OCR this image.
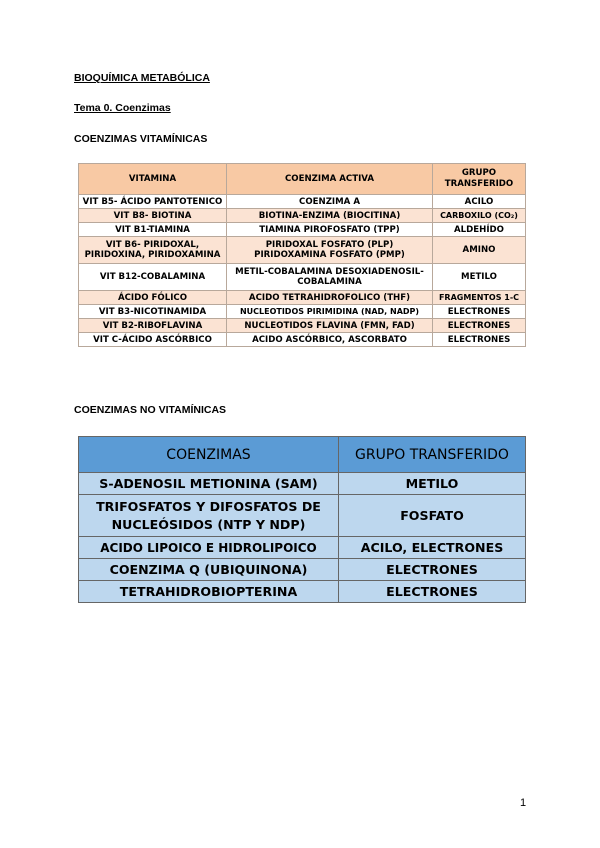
BIOQUÍMICA METABÓLICA
Tema 0. Coenzimas
COENZIMAS VITAMÍNICAS
VITAMINA	COENZIMA ACTIVA	GRUPO TRANSFERIDO
VIT B5- ÁCIDO PANTOTENICO	COENZIMA A	ACILO
VIT B8- BIOTINA	BIOTINA-ENZIMA (BIOCITINA)	CARBOXILO (CO₂)
VIT B1-TIAMINA	TIAMINA PIROFOSFATO (TPP)	ALDEHÍDO
VIT B6- PIRIDOXAL, PIRIDOXINA, PIRIDOXAMINA	PIRIDOXAL FOSFATO (PLP) PIRIDOXAMINA FOSFATO (PMP)	AMINO
VIT B12-COBALAMINA	METIL-COBALAMINA DESOXIADENOSIL-COBALAMINA	METILO
ÁCIDO FÓLICO	ACIDO TETRAHIDROFOLICO (THF)	FRAGMENTOS 1-C
VIT B3-NICOTINAMIDA	NUCLEOTIDOS PIRIMIDINA (NAD, NADP)	ELECTRONES
VIT B2-RIBOFLAVINA	NUCLEOTIDOS FLAVINA (FMN, FAD)	ELECTRONES
VIT C-ÁCIDO ASCÓRBICO	ACIDO ASCÓRBICO, ASCORBATO	ELECTRONES
COENZIMAS NO VITAMÍNICAS
COENZIMAS	GRUPO TRANSFERIDO
S-ADENOSIL METIONINA (SAM)	METILO
TRIFOSFATOS Y DIFOSFATOS DE NUCLEÓSIDOS (NTP Y NDP)	FOSFATO
ACIDO LIPOICO E HIDROLIPOICO	ACILO, ELECTRONES
COENZIMA Q (UBIQUINONA)	ELECTRONES
TETRAHIDROBIOPTERINA	ELECTRONES
1
